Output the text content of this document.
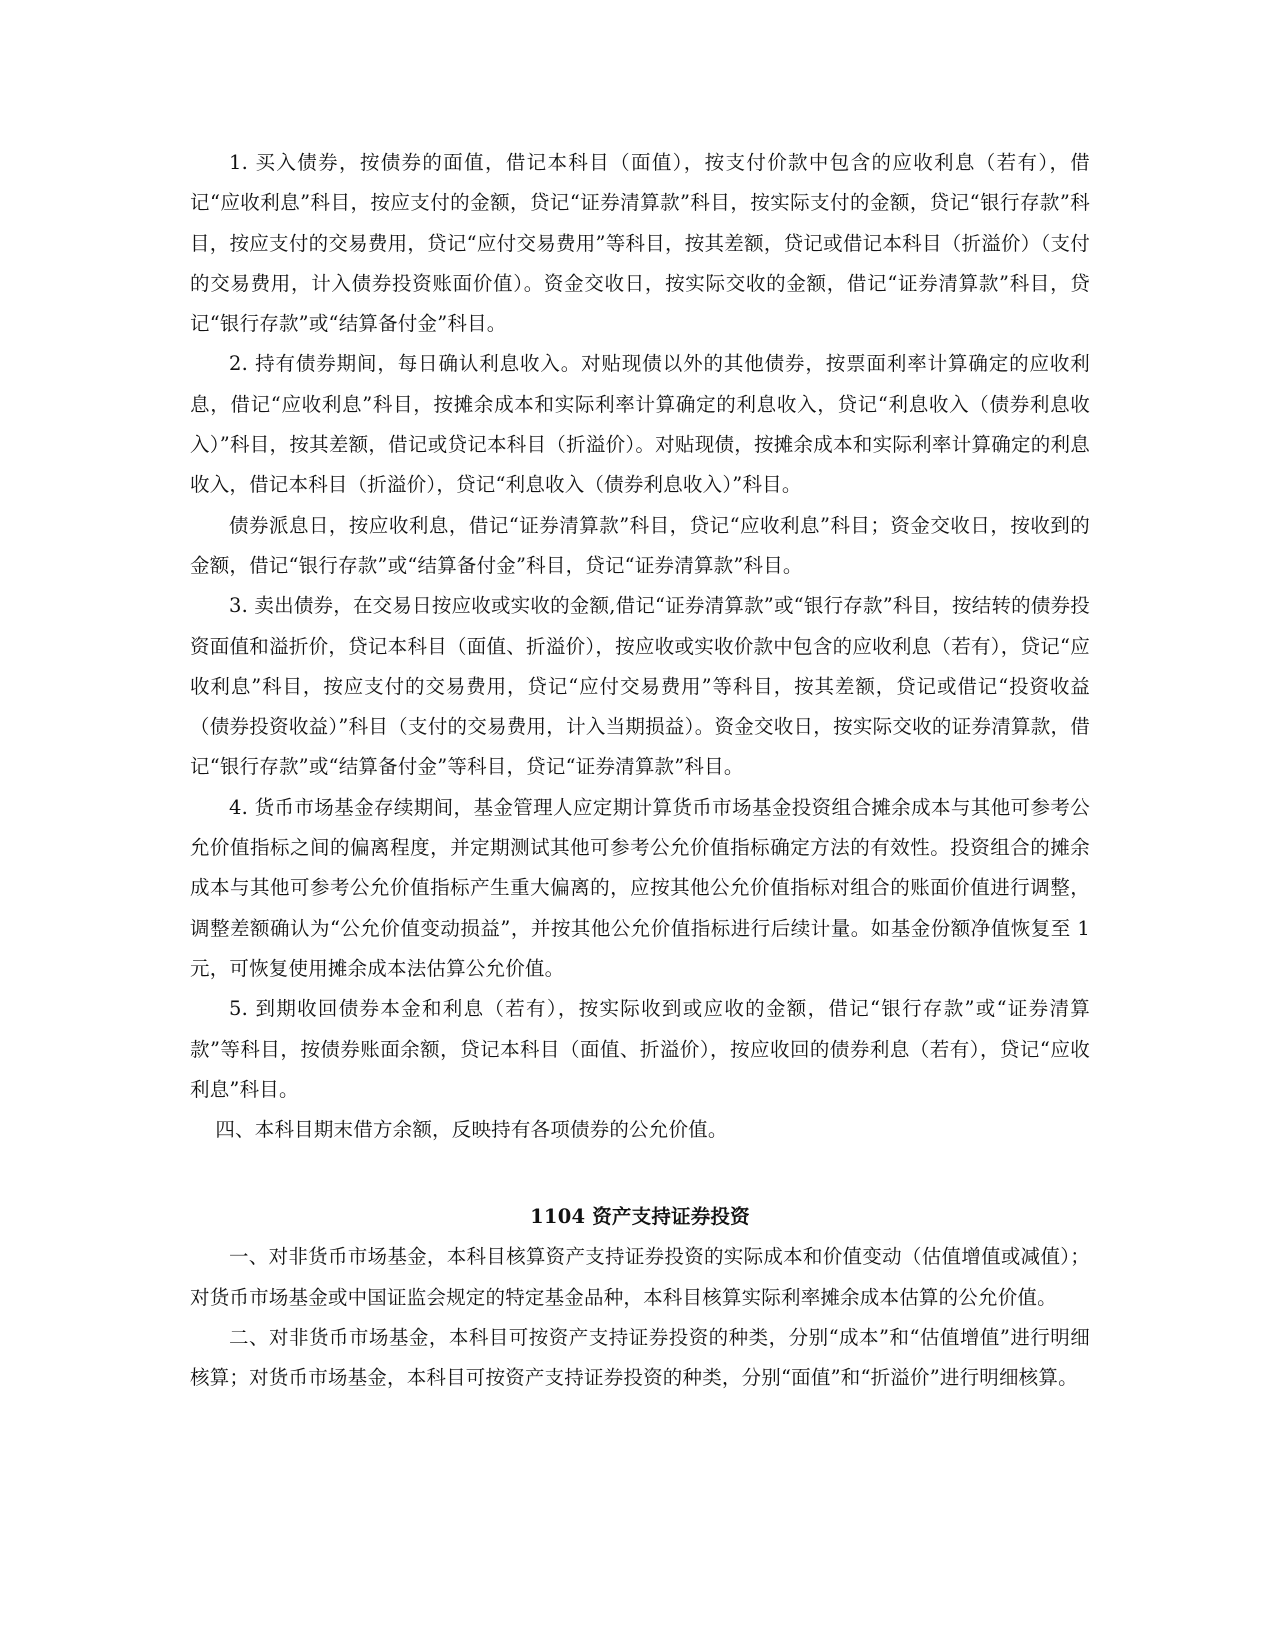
1. 买入债券，按债券的面值，借记本科目（面值），按支付价款中包含的应收利息（若有），借记“应收利息”科目，按应支付的金额，贷记“证券清算款”科目，按实际支付的金额，贷记“银行存款”科目，按应支付的交易费用，贷记“应付交易费用”等科目，按其差额，贷记或借记本科目（折溢价）（支付的交易费用，计入债券投资账面价值）。资金交收日，按实际交收的金额，借记“证券清算款”科目，贷记“银行存款”或“结算备付金”科目。

2. 持有债券期间，每日确认利息收入。对贴现债以外的其他债券，按票面利率计算确定的应收利息，借记“应收利息”科目，按摊余成本和实际利率计算确定的利息收入，贷记“利息收入（债券利息收入）”科目，按其差额，借记或贷记本科目（折溢价）。对贴现债，按摊余成本和实际利率计算确定的利息收入，借记本科目（折溢价），贷记“利息收入（债券利息收入）”科目。

债券派息日，按应收利息，借记“证券清算款”科目，贷记“应收利息”科目；资金交收日，按收到的金额，借记“银行存款”或“结算备付金”科目，贷记“证券清算款”科目。

3. 卖出债券，在交易日按应收或实收的金额,借记“证券清算款”或“银行存款”科目，按结转的债券投资面值和溢折价，贷记本科目（面值、折溢价），按应收或实收价款中包含的应收利息（若有），贷记“应收利息”科目，按应支付的交易费用，贷记“应付交易费用”等科目，按其差额，贷记或借记“投资收益（债券投资收益）”科目（支付的交易费用，计入当期损益）。资金交收日，按实际交收的证券清算款，借记“银行存款”或“结算备付金”等科目，贷记“证券清算款”科目。

4. 货币市场基金存续期间，基金管理人应定期计算货币市场基金投资组合摊余成本与其他可参考公允价值指标之间的偏离程度，并定期测试其他可参考公允价值指标确定方法的有效性。投资组合的摊余成本与其他可参考公允价值指标产生重大偏离的，应按其他公允价值指标对组合的账面价值进行调整，调整差额确认为“公允价值变动损益”，并按其他公允价值指标进行后续计量。如基金份额净值恢复至 1 元，可恢复使用摊余成本法估算公允价值。

5. 到期收回债券本金和利息（若有），按实际收到或应收的金额，借记“银行存款”或“证券清算款”等科目，按债券账面余额，贷记本科目（面值、折溢价），按应收回的债券利息（若有），贷记“应收利息”科目。

四、本科目期末借方余额，反映持有各项债券的公允价值。

1104 资产支持证券投资

一、对非货币市场基金，本科目核算资产支持证券投资的实际成本和价值变动（估值增值或减值）；对货币市场基金或中国证监会规定的特定基金品种，本科目核算实际利率摊余成本估算的公允价值。

二、对非货币市场基金，本科目可按资产支持证券投资的种类，分别“成本”和“估值增值”进行明细核算；对货币市场基金，本科目可按资产支持证券投资的种类，分别“面值”和“折溢价”进行明细核算。
